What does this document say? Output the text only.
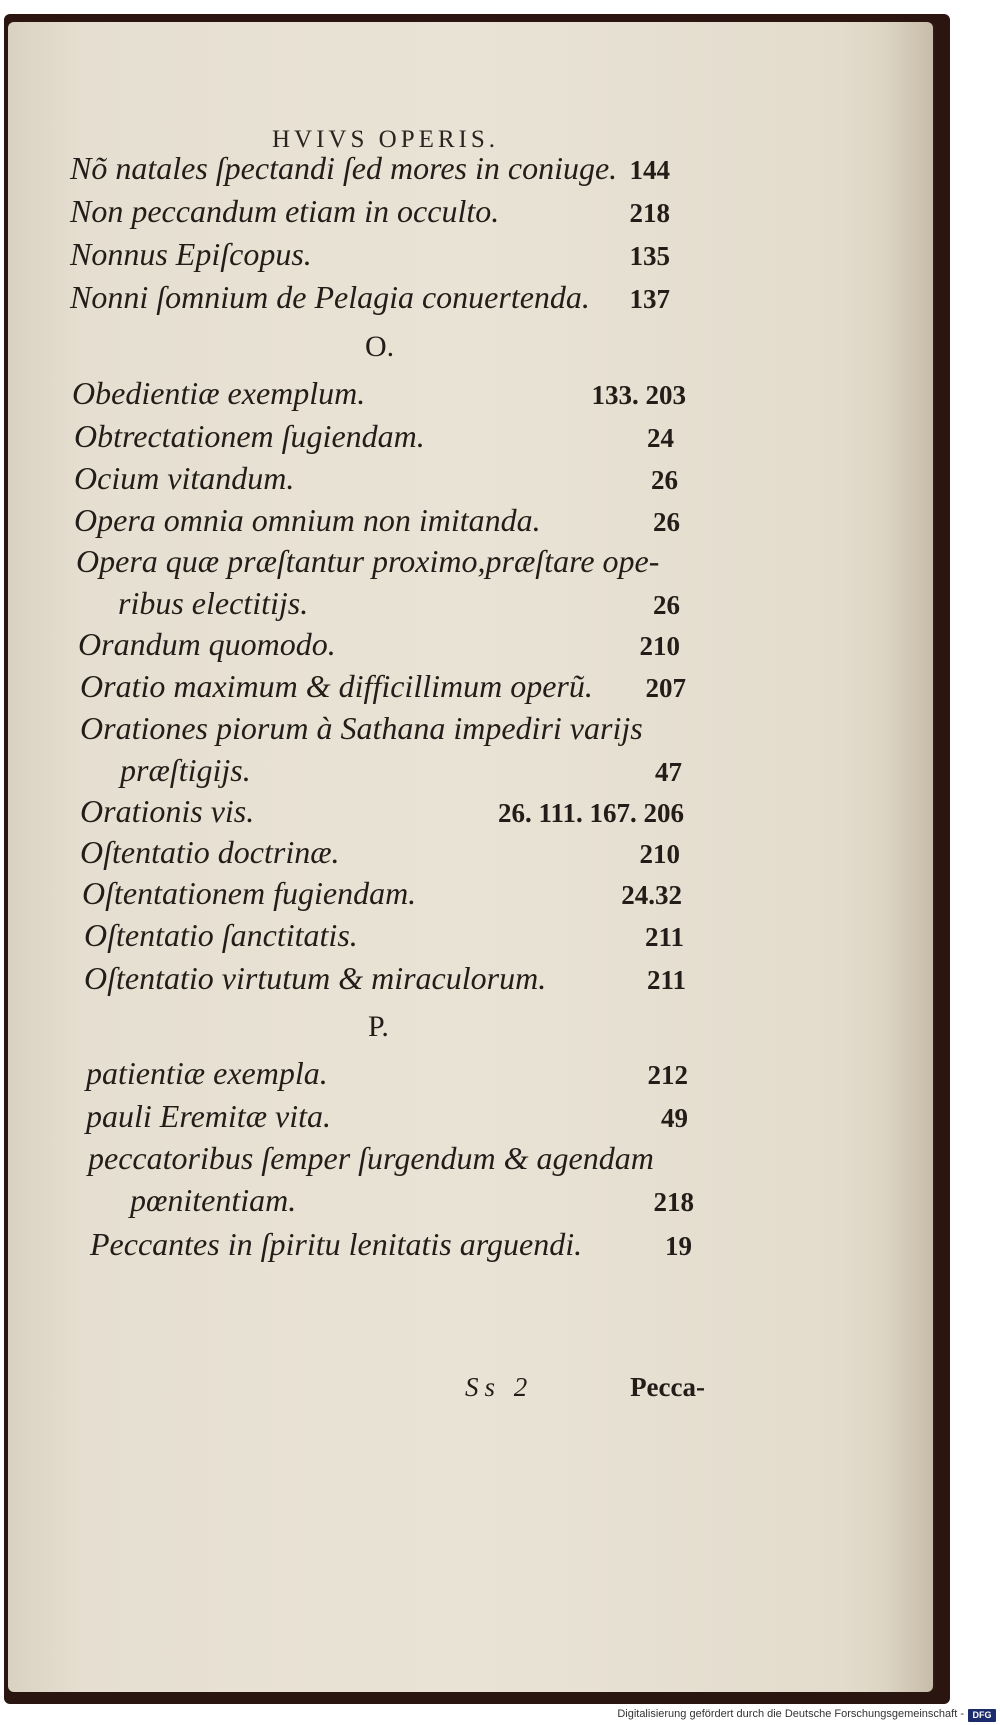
HVIVS OPERIS.
Nõ natales ſpectandi ſed mores in coniuge. 144
Non peccandum etiam in occulto.	218
Nonnus Epiſcopus.	135
Nonni ſomnium de Pelagia conuertenda. 137
O.
Obedientiæ exemplum.	133. 203
Obtrectationem ſugiendam.	24
Ocium vitandum.	26
Opera omnia omnium non imitanda.	26
Opera quæ præſtantur proximo,præſtare ope-
ribus electitijs.	26
Orandum quomodo.	210
Oratio maximum & difficillimum operũ. 207
Orationes piorum à Sathana impediri varijs
præſtigijs.	47
Orationis vis.	26. 111. 167. 206
Oſtentatio doctrinæ.	210
Oſtentationem fugiendam.	24.32
Oſtentatio ſanctitatis.	211
Oſtentatio virtutum & miraculorum.	211
P.
patientiæ exempla.	212
pauli Eremitæ vita.	49
peccatoribus ſemper ſurgendum & agendam
pœnitentiam.	218
Peccantes in ſpiritu lenitatis arguendi.	19
Ss 2	Pecca-
Digitalisierung gefördert durch die Deutsche Forschungsgemeinschaft - DFG
